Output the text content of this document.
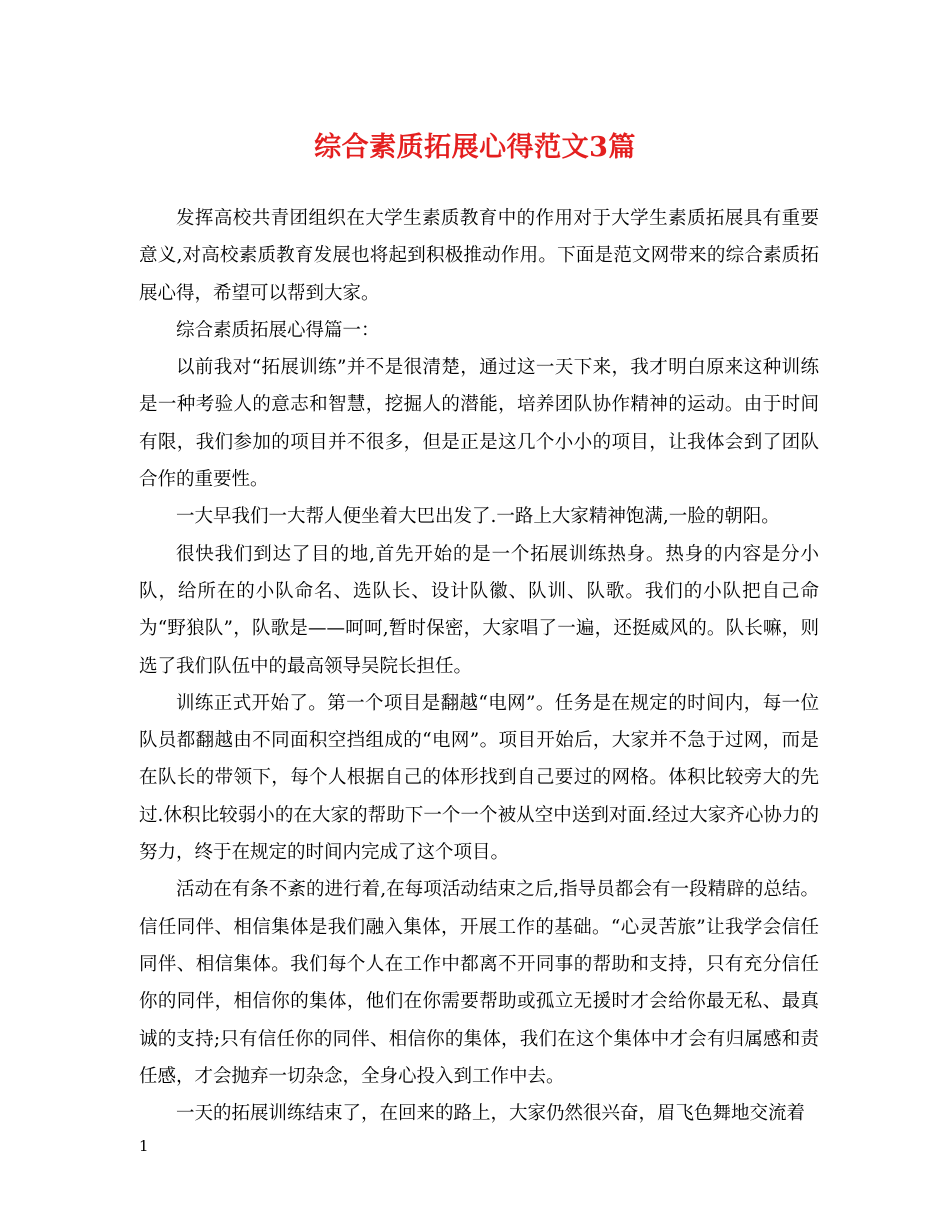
综合素质拓展心得范文3篇

发挥高校共青团组织在大学生素质教育中的作用对于大学生素质拓展具有重要意义,对高校素质教育发展也将起到积极推动作用。下面是范文网带来的综合素质拓展心得，希望可以帮到大家。

综合素质拓展心得篇一：

以前我对“拓展训练”并不是很清楚，通过这一天下来，我才明白原来这种训练是一种考验人的意志和智慧，挖掘人的潜能，培养团队协作精神的运动。由于时间有限，我们参加的项目并不很多，但是正是这几个小小的项目，让我体会到了团队合作的重要性。

一大早我们一大帮人便坐着大巴出发了.一路上大家精神饱满,一脸的朝阳。

很快我们到达了目的地,首先开始的是一个拓展训练热身。热身的内容是分小队，给所在的小队命名、选队长、设计队徽、队训、队歌。我们的小队把自己命为“野狼队”，队歌是——呵呵,暂时保密，大家唱了一遍，还挺威风的。队长嘛，则选了我们队伍中的最高领导吴院长担任。

训练正式开始了。第一个项目是翻越“电网”。任务是在规定的时间内，每一位队员都翻越由不同面积空挡组成的“电网”。项目开始后，大家并不急于过网，而是在队长的带领下，每个人根据自己的体形找到自己要过的网格。体积比较旁大的先过.休积比较弱小的在大家的帮助下一个一个被从空中送到对面.经过大家齐心协力的努力，终于在规定的时间内完成了这个项目。

活动在有条不紊的进行着,在每项活动结束之后,指导员都会有一段精辟的总结。信任同伴、相信集体是我们融入集体，开展工作的基础。“心灵苦旅”让我学会信任同伴、相信集体。我们每个人在工作中都离不开同事的帮助和支持，只有充分信任你的同伴，相信你的集体，他们在你需要帮助或孤立无援时才会给你最无私、最真诚的支持;只有信任你的同伴、相信你的集体，我们在这个集体中才会有归属感和责任感，才会抛弃一切杂念，全身心投入到工作中去。

一天的拓展训练结束了，在回来的路上，大家仍然很兴奋，眉飞色舞地交流着

1
